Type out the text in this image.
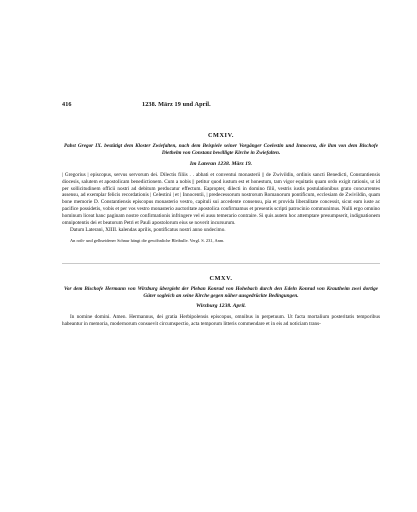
416	1238. März 19 und April.
CMXIV.
Pabst Gregor IX. bestätigt dem Kloster Zwiefalten, nach dem Beispiele seiner Vorgänger Coelestin und Innocenz, die ihm von dem Bischofe Diethelm von Constanz bewilligte Kirche in Zwiefalten.
Im Lateran 1238. März 19.

| Gregorius | episcopus, servus servorum dei. Dilectis filiis . . abbati et conventui monasterii || de Zwivildin, ordinis sancti Benedicti, Constantiensis diocesis, salutem et apostolicam benedictionem. Cum a nobis || petitur quod iustum est et honestum, tam vigor equitatis quam ordo exigit rationis, ut id per sollicitudinem officii nostri ad debitum perducatur effectum. Eapropter, dilecti in domino filii, vestris iustis postulationibus grato concurrentes assensu, ad exemplar felicis recordationis | Celestini | et | Innocentii, | predecessorum nostrorum Romanorum pontificum, ecclesiam de Zwivildin, quam bone memorie D. Constantiensis episcopus monasterio vestro, capituli sui accedente consensu, pia et provida liberalitate concessit, sicut eam iuste ac pacifice possidetis, vobis et per vos vestro monasterio auctoritate apostolica confirmamus et presentis scripti patrocinio communimus. Nulli ergo omnino hominum liceat hanc paginam nostre confirmationis infringere vel ei ausu temerario contraire. Si quis autem hoc attemptare presumpserit, indignationem omnipotentis dei et beatorum Petri et Pauli apostolorum eius se noverit incursurum.

Datum Laterani, XIIII. kalendas aprilis, pontificatus nostri anno undecimo.

An roth- und gelbseidener Schnur hängt die gewöhnliche Bleibulle. Vergl. S. 231, Anm.
CMXV.
Vor dem Bischofe Hermann von Wirzburg übergiebt der Pleban Konrad von Hohebach durch den Edeln Konrad von Krautheim zwei dortige Güter sogleich an seine Kirche gegen näher ausgedrückte Bedingungen.
Wirzburg 1238. April.

In nomine domini. Amen. Hermannus, dei gratia Herbipolensis episcopus, omnibus in perpetuum. Ut facta mortalium posteritatis temporibus habeantur in memoria, modernorum consuevit circumspectio, acta temporum litteris commendare et in eis ad noticiam trans-
